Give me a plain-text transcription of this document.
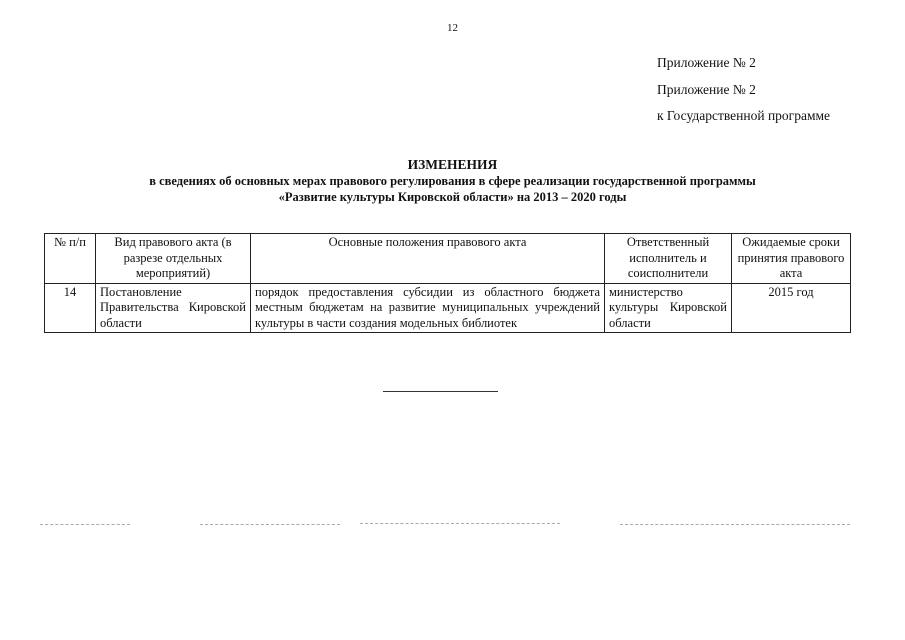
12
Приложение № 2
Приложение № 2
к Государственной программе
ИЗМЕНЕНИЯ
в сведениях об основных мерах правового регулирования в сфере реализации государственной программы
«Развитие культуры Кировской области» на 2013 – 2020 годы
№ п/п	Вид правового акта (в разрезе отдельных мероприятий)	Основные положения правового акта	Ответственный исполнитель и соисполнители	Ожидаемые сроки принятия правового акта
14	Постановление Правительства Кировской области	порядок предоставления субсидии из областного бюджета местным бюджетам на развитие муниципальных учреждений культуры в части создания модельных библиотек	министерство культуры Кировской области	2015 год
